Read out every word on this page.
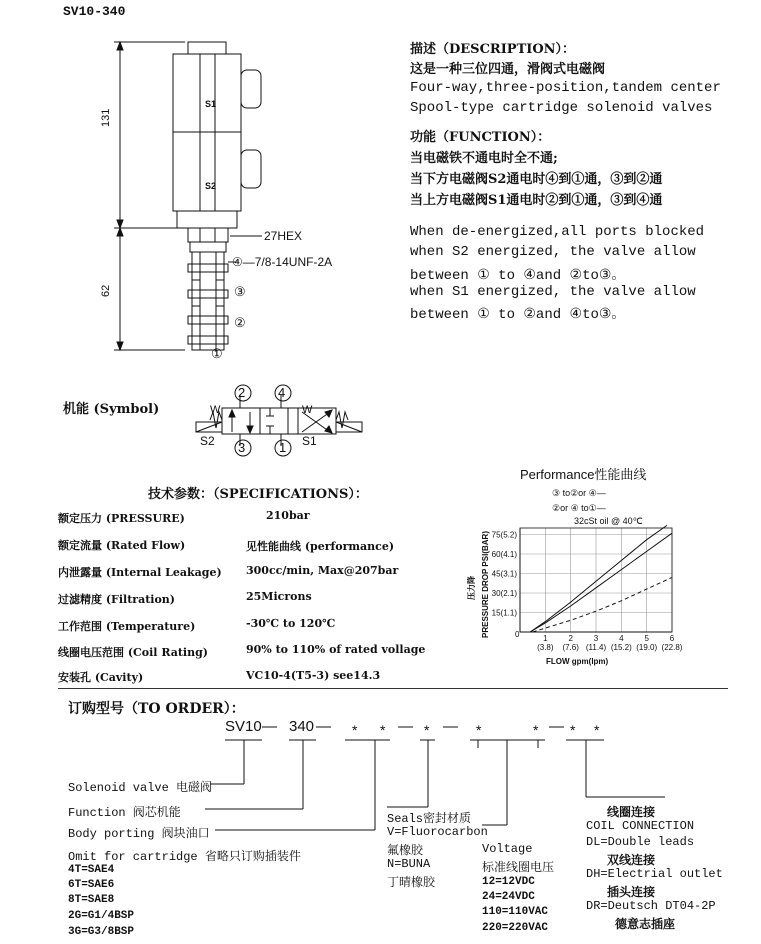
SV10-340
S1
S2
27HEX
④—7/8-14UNF-2A
③
②
①
131
62
描述（DESCRIPTION）：
这是一种三位四通，滑阀式电磁阀
Four-way,three-position,tandem center
Spool-type cartridge solenoid valves
功能（FUNCTION）：
当电磁铁不通电时全不通;
当下方电磁阀S2通电时④到①通，③到②通
当上方电磁阀S1通电时②到①通，③到④通
When de-energized,all ports blocked
when S2 energized, the valve allow
between ① to ④and ②to③。
when S1 energized, the valve allow
between ① to ②and ④to③。
机能 (Symbol)
2	4
3	1
W	W
S2	S1
技术参数：（SPECIFICATIONS）：
额定压力 (PRESSURE)	210bar
额定流量 (Rated Flow)	见性能曲线 (performance)
内泄露量 (Internal Leakage) 300cc/min, Max@207bar
过滤精度 (Filtration)	25Microns
工作范围 (Temperature)	-30℃ to 120℃
线圈电压范围 (Coil Rating)	90% to 110% of rated vollage
安装孔 (Cavity)	VC10-4(T5-3) see14.3
Performance性能曲线
③ to②or ④—
②or ④ to①—
32cSt oil @ 40℃
压力降 PRESSURE DROP PSI(BAR)
FLOW gpm(lpm)
0
75(5.2)
60(4.1)
45(3.1)
30(2.1)
15(1.1)
1
(3.8)
2
(7.6)
3
(11.4)
4
(15.2)
5
(19.0)
6
(22.8)
订购型号（TO ORDER）：
SV10 — 340 — * * — * — *	* — * *
Solenoid valve 电磁阀
Function 阀芯机能
Body porting 阀块油口
Omit for cartridge 省略只订购插装件
4T=SAE4
6T=SAE6
8T=SAE8
2G=G1/4BSP
3G=G3/8BSP
Seals密封材质
V=Fluorocarbon
氟橡胶
N=BUNA
丁晴橡胶
Voltage
标准线圈电压
12=12VDC
24=24VDC
110=110VAC
220=220VAC
线圈连接
COIL CONNECTION
DL=Double leads
双线连接
DH=Electrial outlet
插头连接
DR=Deutsch DT04-2P
德意志插座
